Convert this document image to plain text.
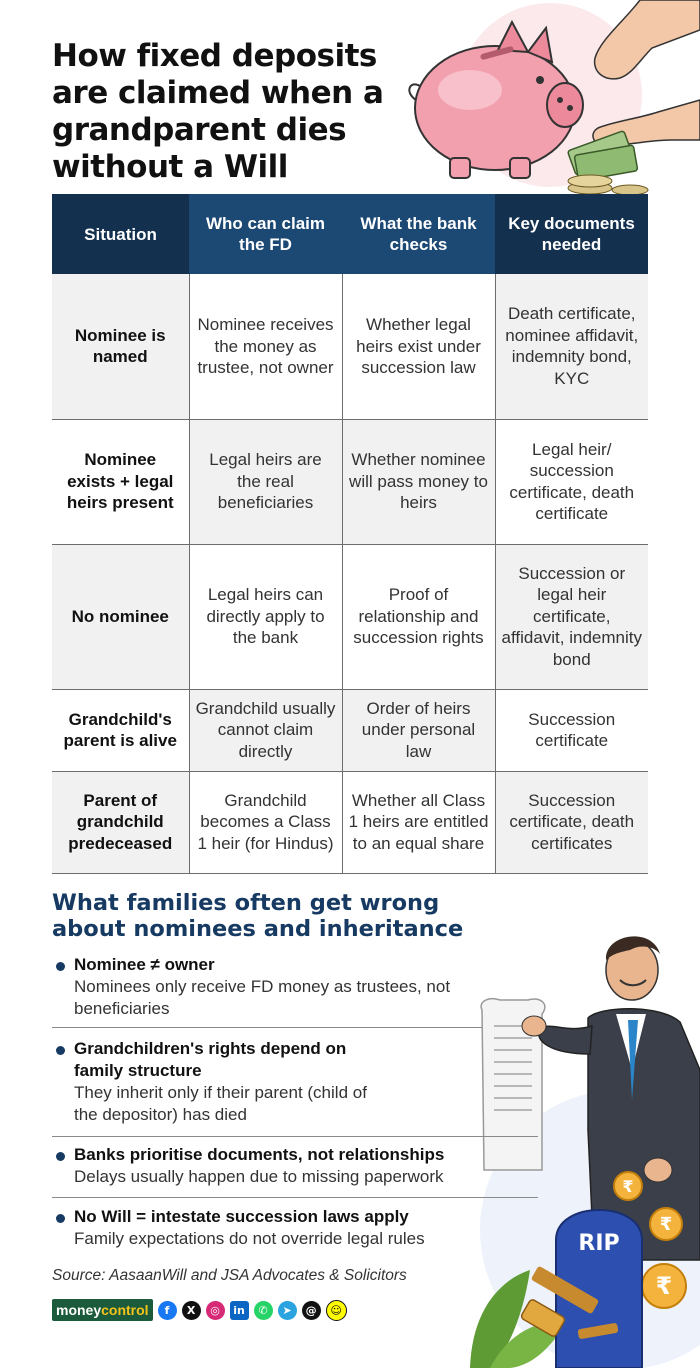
How fixed deposits are claimed when a grandparent dies without a Will
Situation	Who can claim the FD	What the bank checks	Key documents needed
Nominee is named	Nominee receives the money as trustee, not owner	Whether legal heirs exist under succession law	Death certificate, nominee affidavit, indemnity bond, KYC
Nominee exists + legal heirs present	Legal heirs are the real beneficiaries	Whether nominee will pass money to heirs	Legal heir/ succession certificate, death certificate
No nominee	Legal heirs can directly apply to the bank	Proof of relationship and succession rights	Succession or legal heir certificate, affidavit, indemnity bond
Grandchild's parent is alive	Grandchild usually cannot claim directly	Order of heirs under personal law	Succession certificate
Parent of grandchild predeceased	Grandchild becomes a Class 1 heir (for Hindus)	Whether all Class 1 heirs are entitled to an equal share	Succession certificate, death certificates
What families often get wrong about nominees and inheritance
₹
₹
₹
RIP
Nominee ≠ owner
Nominees only receive FD money as trustees, not beneficiaries
Grandchildren's rights depend on family structure
They inherit only if their parent (child of the depositor) has died
Banks prioritise documents, not relationships
Delays usually happen due to missing paperwork
No Will = intestate succession laws apply
Family expectations do not override legal rules
Source: AasaanWill and JSA Advocates & Solicitors
moneycontrol	f	X	◎	in	✆	➤	@	☺
